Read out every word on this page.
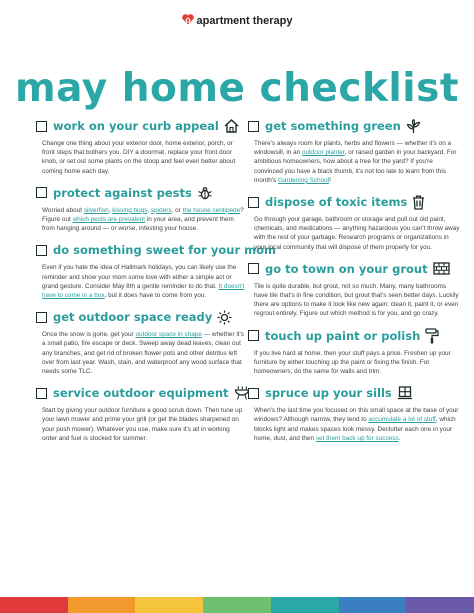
apartment therapy
may home checklist
work on your curb appeal

Change one thing about your exterior door, home exterior, porch, or front steps that bothers you. DIY a doormat, replace your front door knob, or set out some plants on the stoop and feel even better about coming home each day.

protect against pests

Worried about silverfish, kissing bugs, spiders, or the house centipede? Figure out which pests are prevalent in your area, and prevent them from hanging around — or worse, infesting your house.

do something sweet for your mom

Even if you hate the idea of Hallmark holidays, you can likely use the reminder and show your mom some love with either a simple act or grand gesture. Consider May 8th a gentle reminder to do that. It doesn't have to come in a box, but it does have to come from you.

get outdoor space ready

Once the snow is gone, get your outdoor space in shape — whether it's a small patio, fire escape or deck. Sweep away dead leaves, clean out any branches, and get rid of broken flower pots and other detritus left over from last year. Wash, stain, and waterproof any wood surface that needs some TLC.

service outdoor equipment

Start by giving your outdoor furniture a good scrub down. Then tune up your lawn mower and prime your grill (or get the blades sharpened on your push mower). Whatever you use, make sure it's all in working order and fuel is stocked for summer.

get something green

There's always room for plants, herbs and flowers — whether it's on a windowsill, in an outdoor planter, or raised garden in your backyard. For ambitious homeowners, how about a tree for the yard? If you're convinced you have a black thumb, it's not too late to learn from this month's Gardening School!

dispose of toxic items

Go through your garage, bathroom or storage and pull out old paint, chemicals, and medications — anything hazardous you can't throw away with the rest of your garbage. Research programs or organizations in your local community that will dispose of them properly for you.

go to town on your grout

Tile is quite durable, but grout, not so much. Many, many bathrooms have tile that's in fine condition, but grout that's seen better days. Luckily there are options to make it look like new again: clean it, paint it, or even regrout entirely. Figure out which method is for you, and go crazy.

touch up paint or polish

If you live hard at home, then your stuff pays a price. Freshen up your furniture by either touching up the paint or fixing the finish. For homeowners, do the same for walls and trim.

spruce up your sills

When's the last time you focused on this small space at the base of your windows? Although narrow, they tend to accumulate a lot of stuff, which blocks light and makes spaces look messy. Declutter each one in your home, dust, and then set them back up for success.
